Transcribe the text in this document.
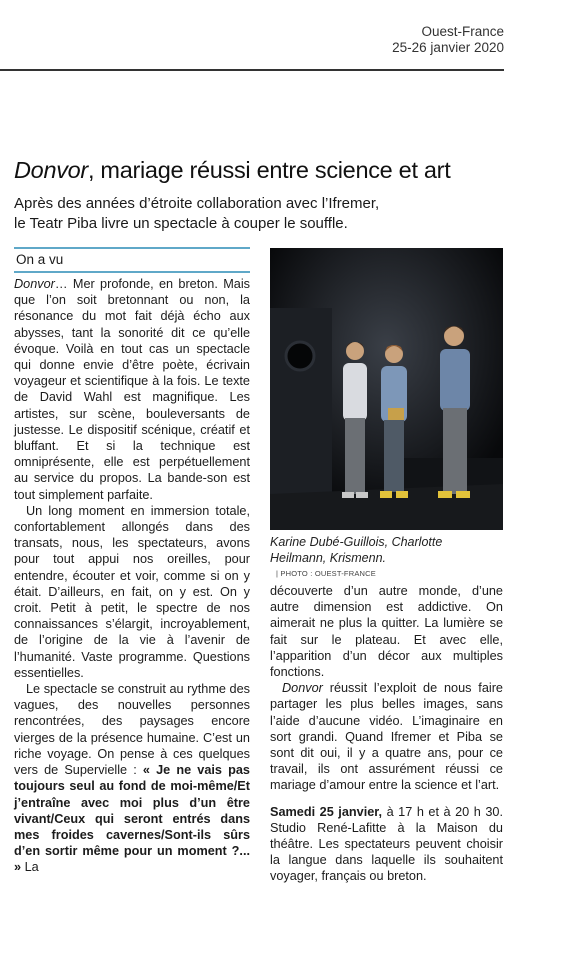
Ouest-France
25-26 janvier 2020
Donvor, mariage réussi entre science et art

Après des années d’étroite collaboration avec l’Ifremer,

le Teatr Piba livre un spectacle à couper le souffle.

On a vu

Donvor… Mer profonde, en breton. Mais que l’on soit bretonnant ou non, la résonance du mot fait déjà écho aux abysses, tant la sonorité dit ce qu’elle évoque. Voilà en tout cas un spectacle qui donne envie d’être poète, écrivain voyageur et scientifique à la fois. Le texte de David Wahl est magnifique. Les artistes, sur scène, bouleversants de justesse. Le dispositif scénique, créatif et bluffant. Et si la technique est omniprésente, elle est perpétuellement au service du propos. La bande-son est tout simplement parfaite.

Un long moment en immersion totale, confortablement allongés dans des transats, nous, les spectateurs, avons pour tout appui nos oreilles, pour entendre, écouter et voir, comme si on y était. D’ailleurs, en fait, on y est. On y croit. Petit à petit, le spectre de nos connaissances s’élargit, incroyablement, de l’origine de la vie à l’avenir de l’humanité. Vaste programme. Questions essentielles.

Le spectacle se construit au rythme des vagues, des nouvelles personnes rencontrées, des paysages encore vierges de la présence humaine. C’est un riche voyage. On pense à ces quelques vers de Supervielle : « Je ne vais pas toujours seul au fond de moi-même/Et j’entraîne avec moi plus d’un être vivant/Ceux qui seront entrés dans mes froides cavernes/Sont-ils sûrs d’en sortir même pour un moment ?... » La

Karine Dubé-Guillois, Charlotte
Heilmann, Krismenn.
| PHOTO : OUEST-FRANCE

découverte d’un autre monde, d’une autre dimension est addictive. On aimerait ne plus la quitter. La lumière se fait sur le plateau. Et avec elle, l’apparition d’un décor aux multiples fonctions.

Donvor réussit l’exploit de nous faire partager les plus belles images, sans l’aide d’aucune vidéo. L’imaginaire en sort grandi. Quand Ifremer et Piba se sont dit oui, il y a quatre ans, pour ce travail, ils ont assurément réussi ce mariage d’amour entre la science et l’art.

Samedi 25 janvier, à 17 h et à 20 h 30. Studio René-Lafitte à la Maison du théâtre. Les spectateurs peuvent choisir la langue dans laquelle ils souhaitent voyager, français ou breton.
